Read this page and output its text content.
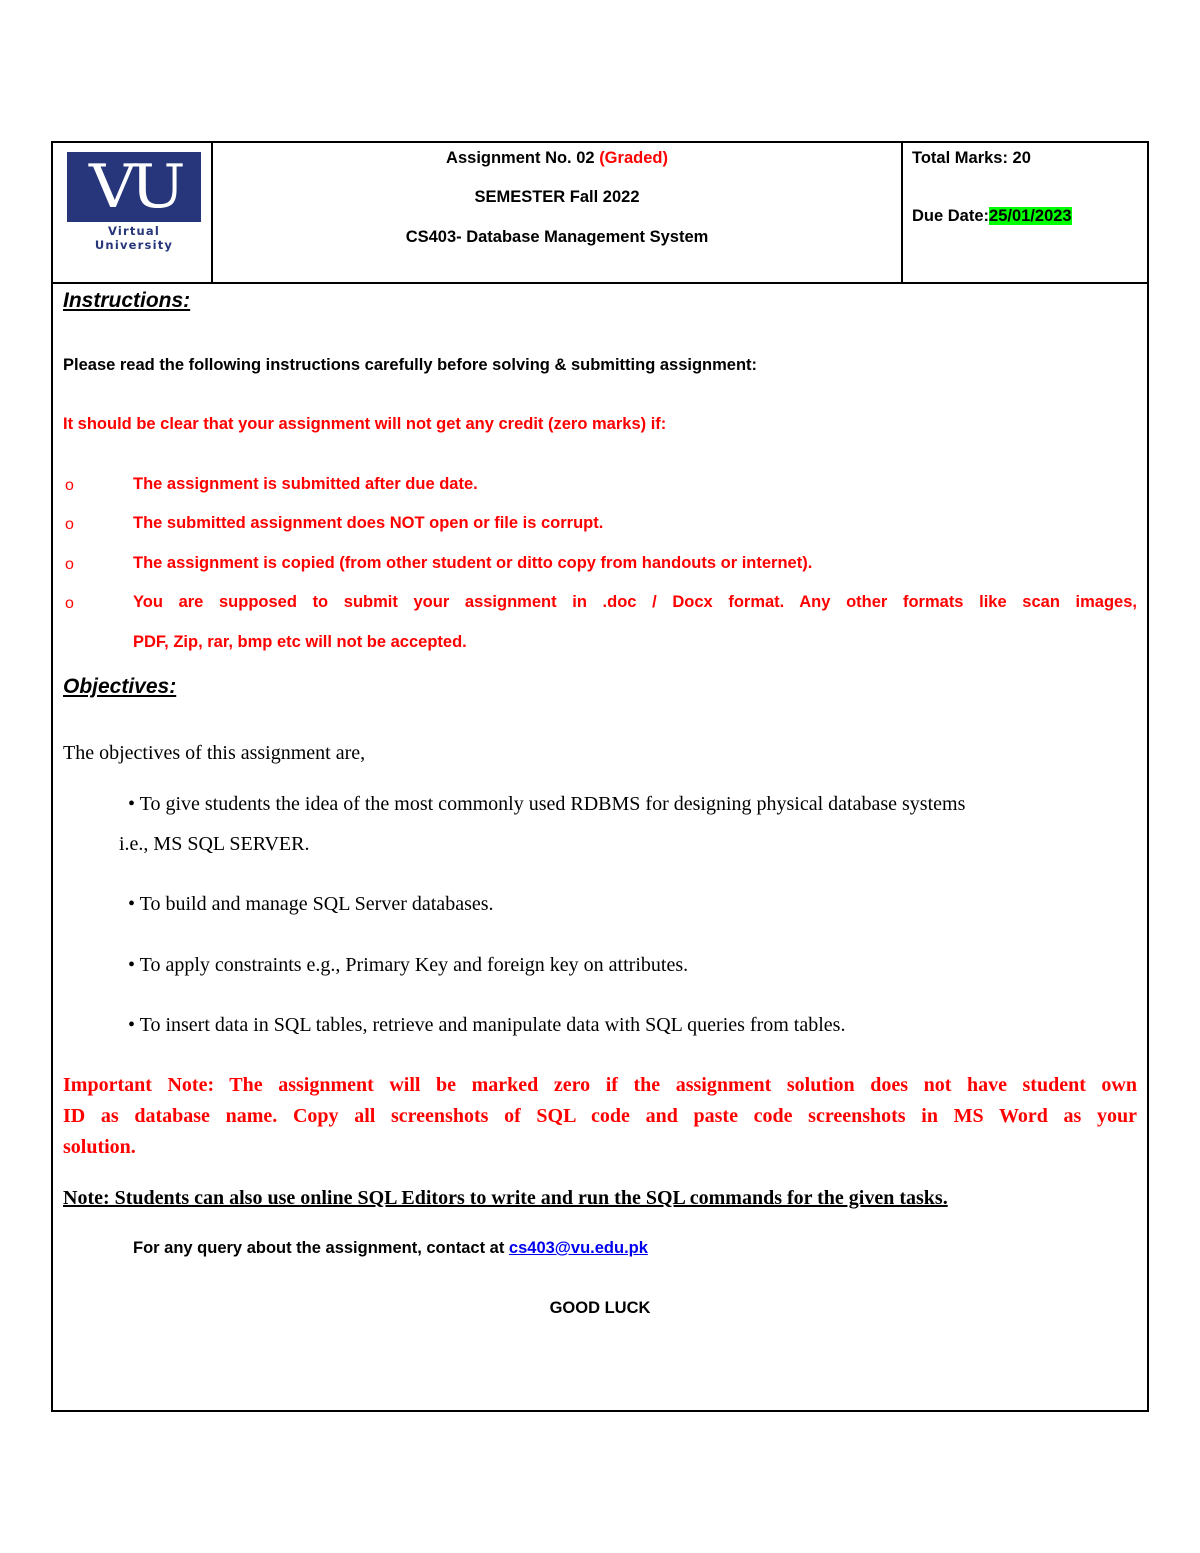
VU
Virtual University
Assignment No. 02 (Graded)
SEMESTER Fall 2022
CS403- Database Management System
Total Marks: 20
Due Date:25/01/2023
Instructions:
Please read the following instructions carefully before solving & submitting assignment:
It should be clear that your assignment will not get any credit (zero marks) if:
o	The assignment is submitted after due date.
o	The submitted assignment does NOT open or file is corrupt.
o	The assignment is copied (from other student or ditto copy from handouts or internet).
o	You are supposed to submit your assignment in .doc / Docx format. Any other formats like scan images,
PDF, Zip, rar, bmp etc will not be accepted.
Objectives:
The objectives of this assignment are,
• To give students the idea of the most commonly used RDBMS for designing physical database systems
i.e., MS SQL SERVER.
• To build and manage SQL Server databases.
• To apply constraints e.g., Primary Key and foreign key on attributes.
• To insert data in SQL tables, retrieve and manipulate data with SQL queries from tables.
Important Note: The assignment will be marked zero if the assignment solution does not have student own
ID as database name. Copy all screenshots of SQL code and paste code screenshots in MS Word as your
solution.
Note: Students can also use online SQL Editors to write and run the SQL commands for the given tasks.
For any query about the assignment, contact at cs403@vu.edu.pk
GOOD LUCK
